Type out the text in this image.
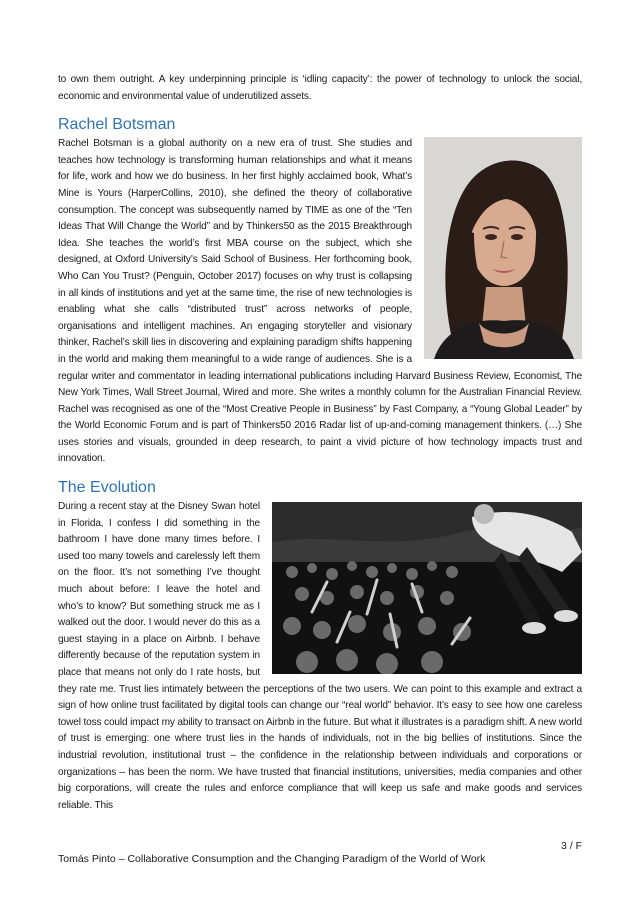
to own them outright. A key underpinning principle is ‘idling capacity’: the power of technology to unlock the social, economic and environmental value of underutilized assets.

Rachel Botsman

Rachel Botsman is a global authority on a new era of trust. She studies and teaches how technology is transforming human relationships and what it means for life, work and how we do business. In her first highly acclaimed book, What’s Mine is Yours (HarperCollins, 2010), she defined the theory of collaborative consumption. The concept was subsequently named by TIME as one of the “Ten Ideas That Will Change the World” and by Thinkers50 as the 2015 Breakthrough Idea. She teaches the world’s first MBA course on the subject, which she designed, at Oxford University’s Said School of Business. Her forthcoming book, Who Can You Trust? (Penguin, October 2017) focuses on why trust is collapsing in all kinds of institutions and yet at the same time, the rise of new technologies is enabling what she calls “distributed trust” across networks of people, organisations and intelligent machines. An engaging storyteller and visionary thinker, Rachel’s skill lies in discovering and explaining paradigm shifts happening in the world and making them meaningful to a wide range of audiences. She is a regular writer and commentator in leading international publications including Harvard Business Review, Economist, The New York Times, Wall Street Journal, Wired and more. She writes a monthly column for the Australian Financial Review. Rachel was recognised as one of the “Most Creative People in Business” by Fast Company, a “Young Global Leader” by the World Economic Forum and is part of Thinkers50 2016 Radar list of up-and-coming management thinkers. (…) She uses stories and visuals, grounded in deep research, to paint a vivid picture of how technology impacts trust and innovation.

The Evolution

During a recent stay at the Disney Swan hotel in Florida, I confess I did something in the bathroom I have done many times before. I used too many towels and carelessly left them on the floor. It’s not something I’ve thought much about before: I leave the hotel and who’s to know? But something struck me as I walked out the door. I would never do this as a guest staying in a place on Airbnb. I behave differently because of the reputation system in place that means not only do I rate hosts, but they rate me. Trust lies intimately between the perceptions of the two users. We can point to this example and extract a sign of how online trust facilitated by digital tools can change our “real world” behavior. It’s easy to see how one careless towel toss could impact my ability to transact on Airbnb in the future. But what it illustrates is a paradigm shift. A new world of trust is emerging: one where trust lies in the hands of individuals, not in the big bellies of institutions. Since the industrial revolution, institutional trust – the confidence in the relationship between individuals and corporations or organizations – has been the norm. We have trusted that financial institutions, universities, media companies and other big corporations, will create the rules and enforce compliance that will keep us safe and make goods and services reliable. This

3 / F
Tomás Pinto – Collaborative Consumption and the Changing Paradigm of the World of Work
